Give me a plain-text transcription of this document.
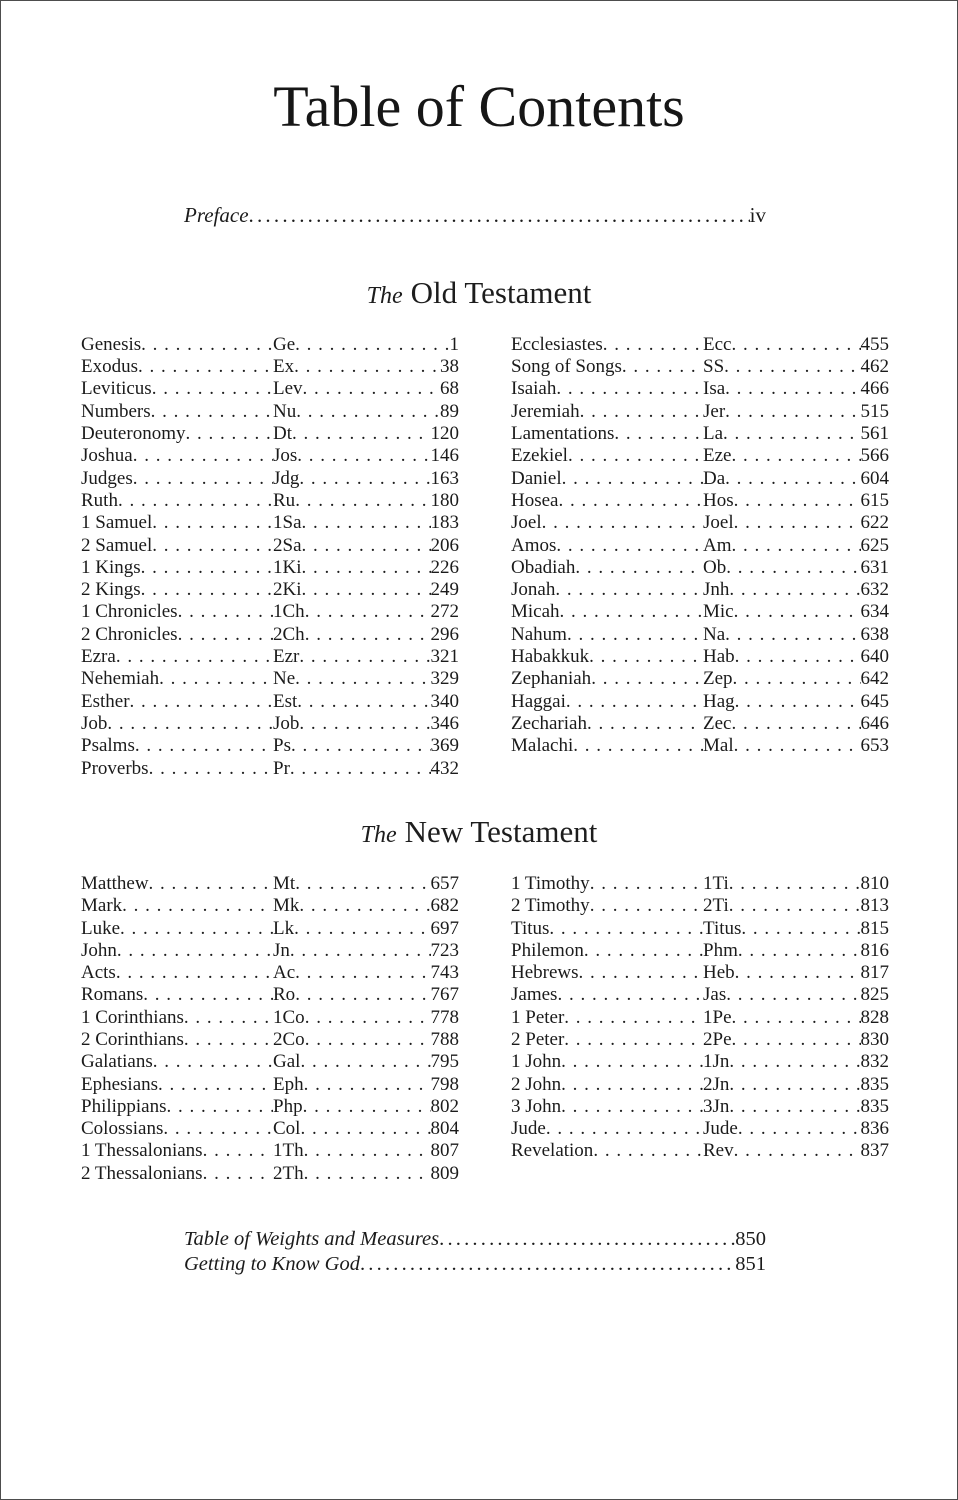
Table of Contents
Preface .....	iv
The Old Testament
Genesis . . .	Ge . . .	1
Exodus . . .	Ex . . .	38
Leviticus . . .	Lev . . .	68
Numbers . . .	Nu . . .	89
Deuteronomy . . .	Dt . . .	120
Joshua . . .	Jos . . .	146
Judges . . .	Jdg . . .	163
Ruth . . .	Ru . . .	180
1 Samuel . . .	1Sa . . .	183
2 Samuel . . .	2Sa . . .	206
1 Kings . . .	1Ki . . .	226
2 Kings . . .	2Ki . . .	249
1 Chronicles . . .	1Ch . . .	272
2 Chronicles . . .	2Ch . . .	296
Ezra . . .	Ezr . . .	321
Nehemiah . . .	Ne . . .	329
Esther . . .	Est . . .	340
Job . . .	Job . . .	346
Psalms . . .	Ps . . .	369
Proverbs . . .	Pr . . .	432
Ecclesiastes . . .	Ecc . . .	455
Song of Songs . . .	SS . . .	462
Isaiah . . .	Isa . . .	466
Jeremiah . . .	Jer . . .	515
Lamentations . . .	La . . .	561
Ezekiel . . .	Eze . . .	566
Daniel . . .	Da . . .	604
Hosea . . .	Hos . . .	615
Joel . . .	Joel . . .	622
Amos . . .	Am . . .	625
Obadiah . . .	Ob . . .	631
Jonah . . .	Jnh . . .	632
Micah . . .	Mic . . .	634
Nahum . . .	Na . . .	638
Habakkuk . . .	Hab . . .	640
Zephaniah . . .	Zep . . .	642
Haggai . . .	Hag . . .	645
Zechariah . . .	Zec . . .	646
Malachi . . .	Mal . . .	653
The New Testament
Matthew . . .	Mt . . .	657
Mark . . .	Mk . . .	682
Luke . . .	Lk . . .	697
John . . .	Jn . . .	723
Acts . . .	Ac . . .	743
Romans . . .	Ro . . .	767
1 Corinthians . . .	1Co . . .	778
2 Corinthians . . .	2Co . . .	788
Galatians . . .	Gal . . .	795
Ephesians . . .	Eph . . .	798
Philippians . . .	Php . . .	802
Colossians . . .	Col . . .	804
1 Thessalonians . . .	1Th . . .	807
2 Thessalonians . . .	2Th . . .	809
1 Timothy . . .	1Ti . . .	810
2 Timothy . . .	2Ti . . .	813
Titus . . .	Titus . . .	815
Philemon . . .	Phm . . .	816
Hebrews . . .	Heb . . .	817
James . . .	Jas . . .	825
1 Peter . . .	1Pe . . .	828
2 Peter . . .	2Pe . . .	830
1 John . . .	1Jn . . .	832
2 John . . .	2Jn . . .	835
3 John . . .	3Jn . . .	835
Jude . . .	Jude . . .	836
Revelation . . .	Rev . . .	837
Table of Weights and Measures .....	850
Getting to Know God .....	851
